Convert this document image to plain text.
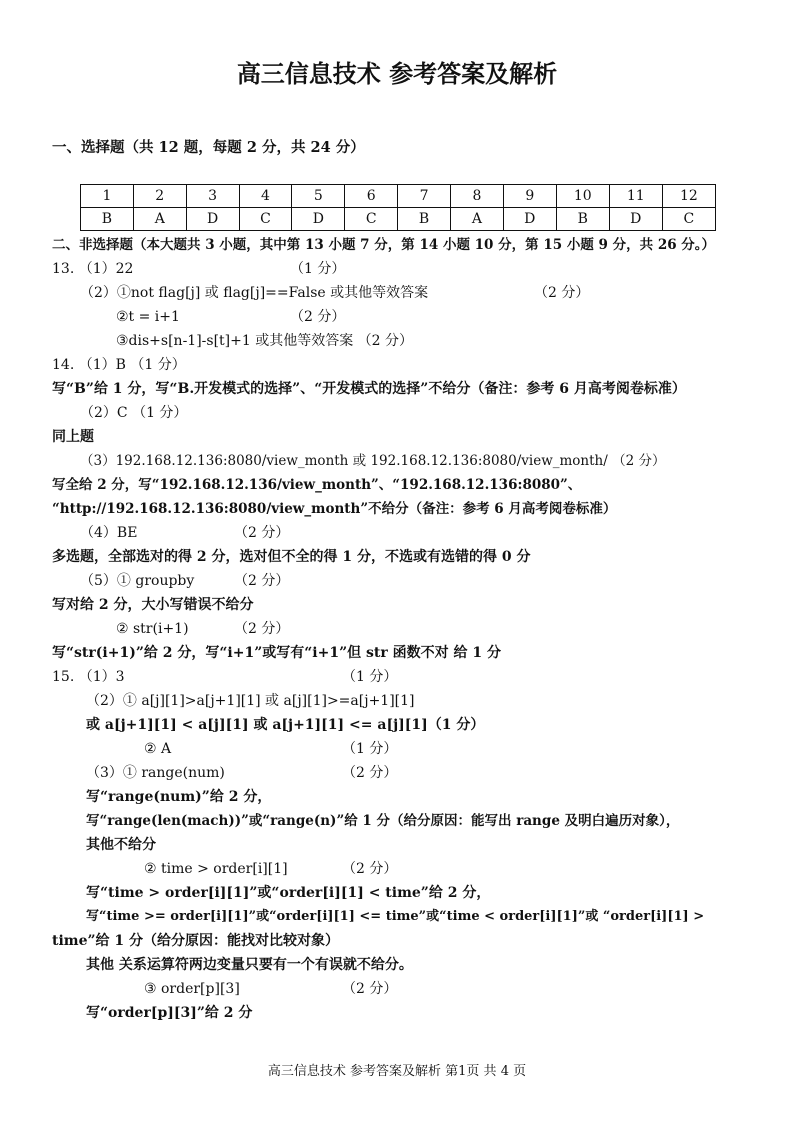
高三信息技术 参考答案及解析
一、选择题（共 12 题，每题 2 分，共 24 分）
1	2	3	4	5	6	7	8	9	10	11	12
B	A	D	C	D	C	B	A	D	B	D	C
二、非选择题（本大题共 3 小题，其中第 13 小题 7 分，第 14 小题 10 分，第 15 小题 9 分，共 26 分。）
13. （1）22	（1 分）
（2）①not flag[j] 或 flag[j]==False 或其他等效答案	（2 分）
②t = i+1	（2 分）
③dis+s[n-1]-s[t]+1 或其他等效答案 （2 分）
14. （1）B （1 分）
写“B”给 1 分，写“B.开发模式的选择”、“开发模式的选择”不给分（备注：参考 6 月高考阅卷标准）
（2）C （1 分）
同上题
（3）192.168.12.136:8080/view_month 或 192.168.12.136:8080/view_month/ （2 分）
写全给 2 分，写“192.168.12.136/view_month”、“192.168.12.136:8080”、
“http://192.168.12.136:8080/view_month”不给分（备注：参考 6 月高考阅卷标准）
（4）BE	（2 分）
多选题，全部选对的得 2 分，选对但不全的得 1 分，不选或有选错的得 0 分
（5）① groupby	（2 分）
写对给 2 分，大小写错误不给分
② str(i+1)	（2 分）
写“str(i+1)”给 2 分，写“i+1”或写有“i+1”但 str 函数不对 给 1 分
15. （1）3	（1 分）
（2）① a[j][1]>a[j+1][1] 或 a[j][1]>=a[j+1][1]
或 a[j+1][1] < a[j][1] 或 a[j+1][1] <= a[j][1]（1 分）
② A	（1 分）
（3）① range(num)	（2 分）
写“range(num)”给 2 分，
写“range(len(mach))”或“range(n)”给 1 分（给分原因：能写出 range 及明白遍历对象），
其他不给分
② time > order[i][1]	（2 分）
写“time > order[i][1]”或“order[i][1] < time”给 2 分，
写“time >= order[i][1]”或“order[i][1] <= time”或“time < order[i][1]”或 “order[i][1] >
time”给 1 分（给分原因：能找对比较对象）
其他 关系运算符两边变量只要有一个有误就不给分。
③ order[p][3]	（2 分）
写“order[p][3]”给 2 分
高三信息技术 参考答案及解析 第1页 共 4 页
